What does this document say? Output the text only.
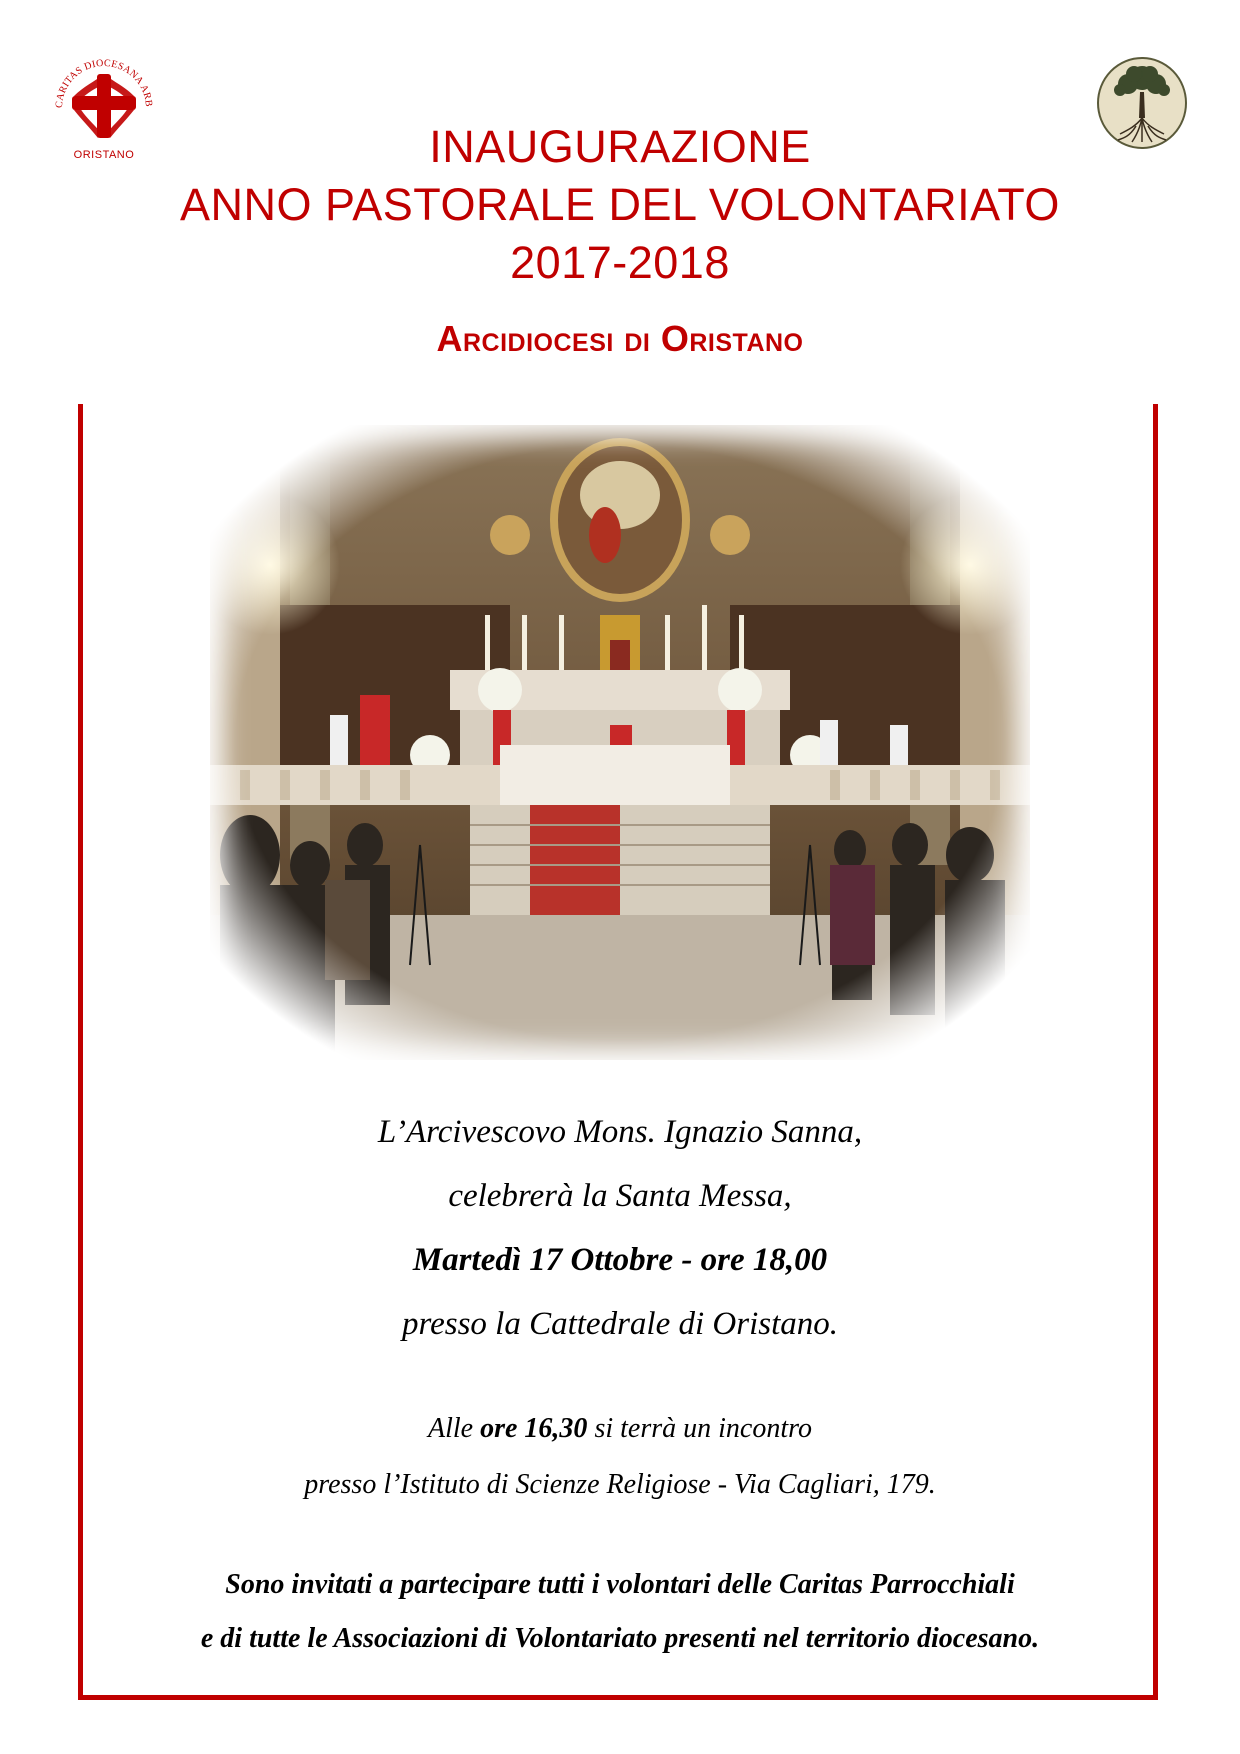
CARITAS DIOCESANA ARB
ORISTANO	INAUGURAZIONE
ANNO PASTORALE DEL VOLONTARIATO
2017-2018
Arcidiocesi di Oristano

L’Arcivescovo Mons. Ignazio Sanna,

celebrerà la Santa Messa,

Martedì 17 Ottobre - ore 18,00

presso la Cattedrale di Oristano.

Alle ore 16,30 si terrà un incontro

presso l’Istituto di Scienze Religiose - Via Cagliari, 179.

Sono invitati a partecipare tutti i volontari delle Caritas Parrocchiali

e di tutte le Associazioni di Volontariato presenti nel territorio diocesano.
